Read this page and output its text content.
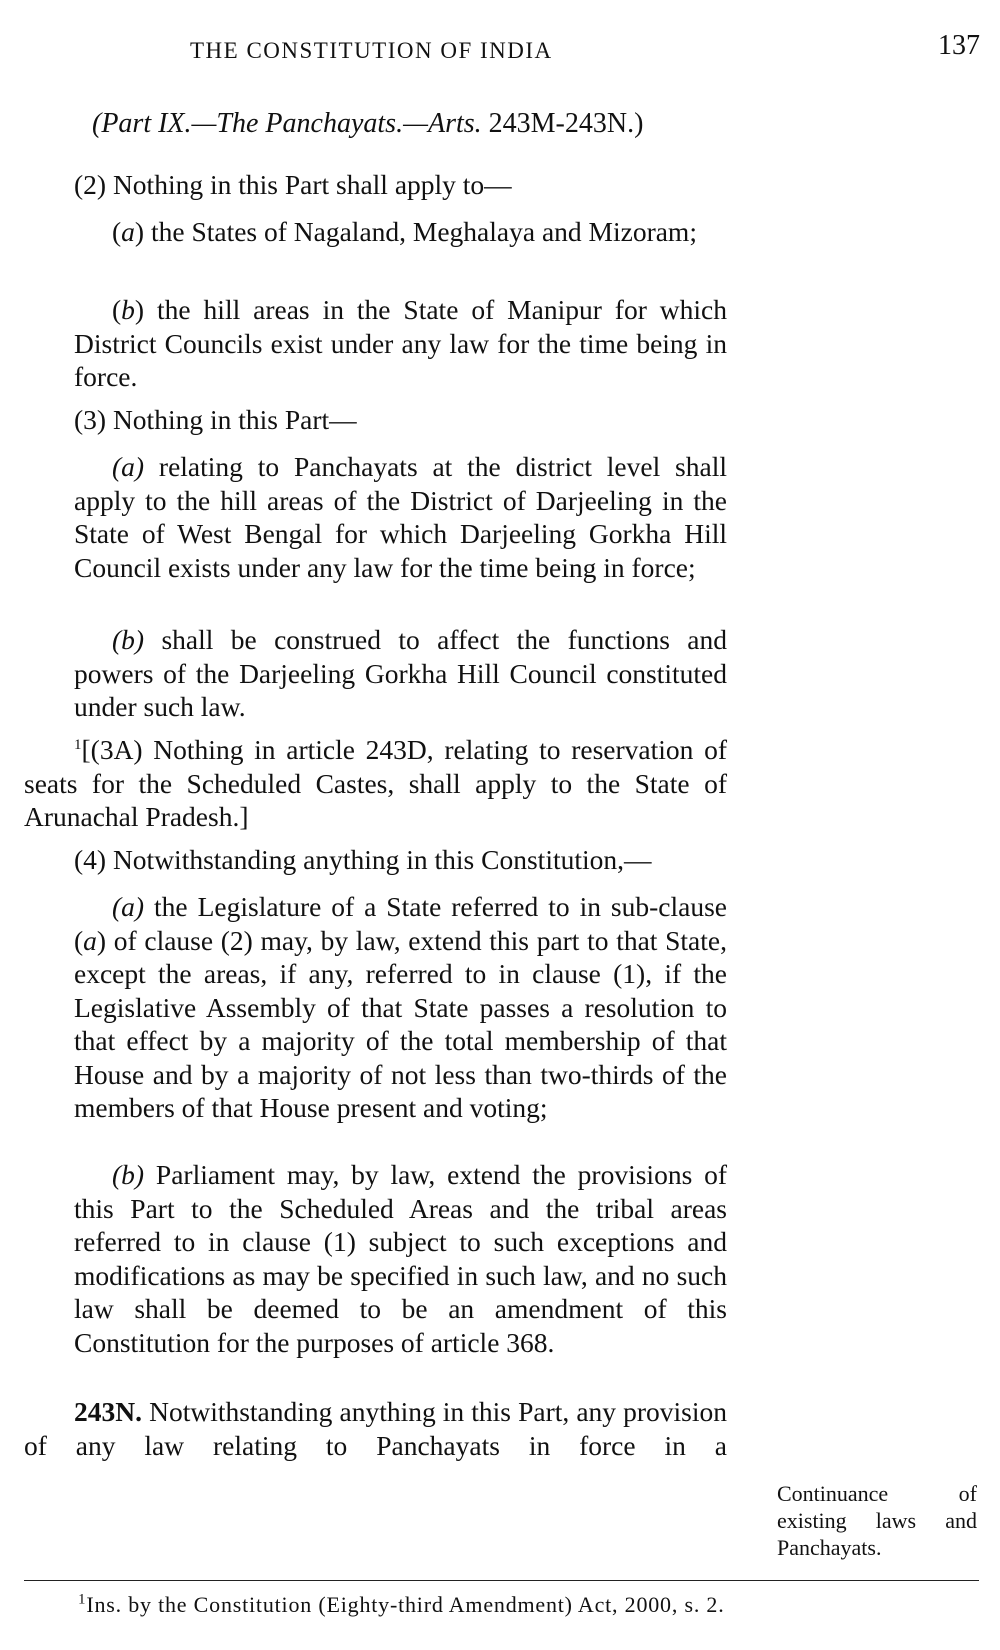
THE CONSTITUTION OF INDIA	137
(Part IX.—The Panchayats.—Arts. 243M-243N.)
(2) Nothing in this Part shall apply to—
(a) the States of Nagaland, Meghalaya and Mizoram;
(b) the hill areas in the State of Manipur for which District Councils exist under any law for the time being in force.
(3) Nothing in this Part—
(a) relating to Panchayats at the district level shall apply to the hill areas of the District of Darjeeling in the State of West Bengal for which Darjeeling Gorkha Hill Council exists under any law for the time being in force;
(b) shall be construed to affect the functions and powers of the Darjeeling Gorkha Hill Council constituted under such law.
$^1$[(3A) Nothing in article 243D, relating to reservation of seats for the Scheduled Castes, shall apply to the State of Arunachal Pradesh.]
(4) Notwithstanding anything in this Constitution,—
(a) the Legislature of a State referred to in sub-clause (a) of clause (2) may, by law, extend this part to that State, except the areas, if any, referred to in clause (1), if the Legislative Assembly of that State passes a resolution to that effect by a majority of the total membership of that House and by a majority of not less than two-thirds of the members of that House present and voting;
(b) Parliament may, by law, extend the provisions of this Part to the Scheduled Areas and the tribal areas referred to in clause (1) subject to such exceptions and modifications as may be specified in such law, and no such law shall be deemed to be an amendment of this Constitution for the purposes of article 368.
243N. Notwithstanding anything in this Part, any provision of any law relating to Panchayats in force in a
Continuance of existing laws and Panchayats.
$^1$Ins. by the Constitution (Eighty-third Amendment) Act, 2000, s. 2.
